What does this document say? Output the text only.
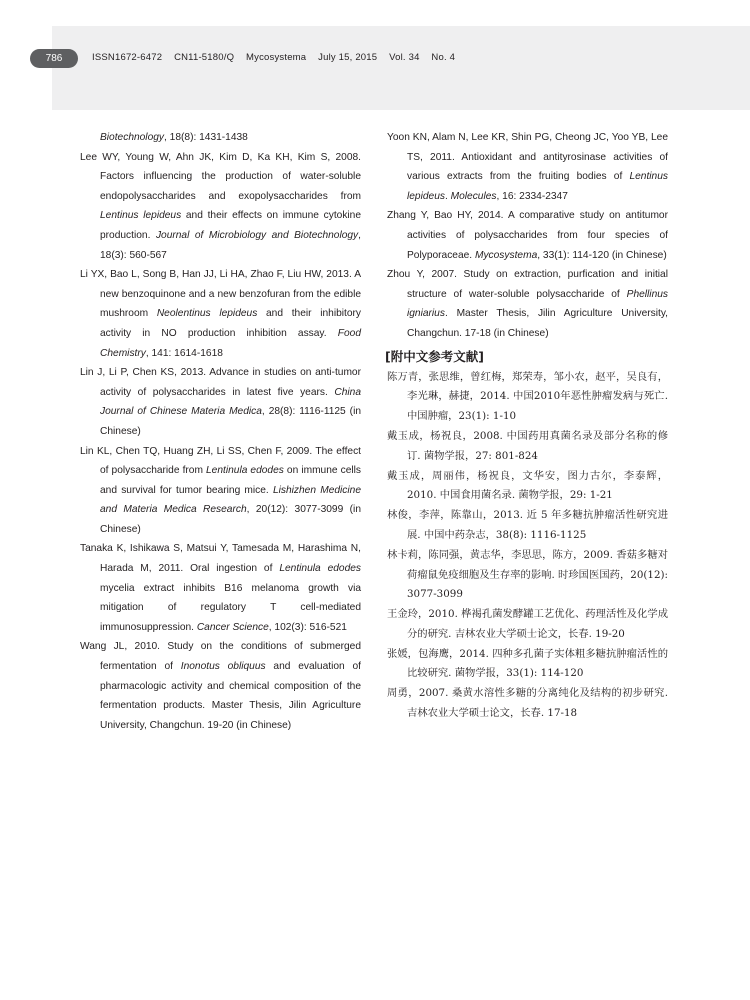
786	ISSN1672-6472 CN11-5180/Q Mycosystema July 15, 2015 Vol. 34 No. 4

Biotechnology, 18(8): 1431-1438

Lee WY, Young W, Ahn JK, Kim D, Ka KH, Kim S, 2008. Factors influencing the production of water-soluble endopolysaccharides and exopolysaccharides from Lentinus lepideus and their effects on immune cytokine production. Journal of Microbiology and Biotechnology, 18(3): 560-567

Li YX, Bao L, Song B, Han JJ, Li HA, Zhao F, Liu HW, 2013. A new benzoquinone and a new benzofuran from the edible mushroom Neolentinus lepideus and their inhibitory activity in NO production inhibition assay. Food Chemistry, 141: 1614-1618

Lin J, Li P, Chen KS, 2013. Advance in studies on anti-tumor activity of polysaccharides in latest five years. China Journal of Chinese Materia Medica, 28(8): 1116-1125 (in Chinese)

Lin KL, Chen TQ, Huang ZH, Li SS, Chen F, 2009. The effect of polysaccharide from Lentinula edodes on immune cells and survival for tumor bearing mice. Lishizhen Medicine and Materia Medica Research, 20(12): 3077-3099 (in Chinese)

Tanaka K, Ishikawa S, Matsui Y, Tamesada M, Harashima N, Harada M, 2011. Oral ingestion of Lentinula edodes mycelia extract inhibits B16 melanoma growth via mitigation of regulatory T cell-mediated immunosuppression. Cancer Science, 102(3): 516-521

Wang JL, 2010. Study on the conditions of submerged fermentation of Inonotus obliquus and evaluation of pharmacologic activity and chemical composition of the fermentation products. Master Thesis, Jilin Agriculture University, Changchun. 19-20 (in Chinese)

Yoon KN, Alam N, Lee KR, Shin PG, Cheong JC, Yoo YB, Lee TS, 2011. Antioxidant and antityrosinase activities of various extracts from the fruiting bodies of Lentinus lepideus. Molecules, 16: 2334-2347

Zhang Y, Bao HY, 2014. A comparative study on antitumor activities of polysaccharides from four species of Polyporaceae. Mycosystema, 33(1): 114-120 (in Chinese)

Zhou Y, 2007. Study on extraction, purfication and initial structure of water-soluble polysaccharide of Phellinus igniarius. Master Thesis, Jilin Agriculture University, Changchun. 17-18 (in Chinese)

[附中文参考文献]

陈万青，张思维，曾红梅，郑荣寿，邹小农，赵平，吴良有，李光琳，赫捷，2014. 中国2010年恶性肿瘤发病与死亡. 中国肿瘤，23(1): 1-10

戴玉成，杨祝良，2008. 中国药用真菌名录及部分名称的修订. 菌物学报，27: 801-824

戴玉成，周丽伟，杨祝良，文华安，图力古尔，李泰辉，2010. 中国食用菌名录. 菌物学报，29: 1-21

林俊，李萍，陈靠山，2013. 近 5 年多糖抗肿瘤活性研究进展. 中国中药杂志，38(8): 1116-1125

林卡莉，陈同强，黄志华，李思思，陈方，2009. 香菇多糖对荷瘤鼠免疫细胞及生存率的影响. 时珍国医国药，20(12): 3077-3099

王金玲，2010. 桦褐孔菌发酵罐工艺优化、药理活性及化学成分的研究. 吉林农业大学硕士论文，长春. 19-20

张媛，包海鹰，2014. 四种多孔菌子实体粗多糖抗肿瘤活性的比较研究. 菌物学报，33(1): 114-120

周勇，2007. 桑黄水溶性多糖的分离纯化及结构的初步研究. 吉林农业大学硕士论文，长春. 17-18
